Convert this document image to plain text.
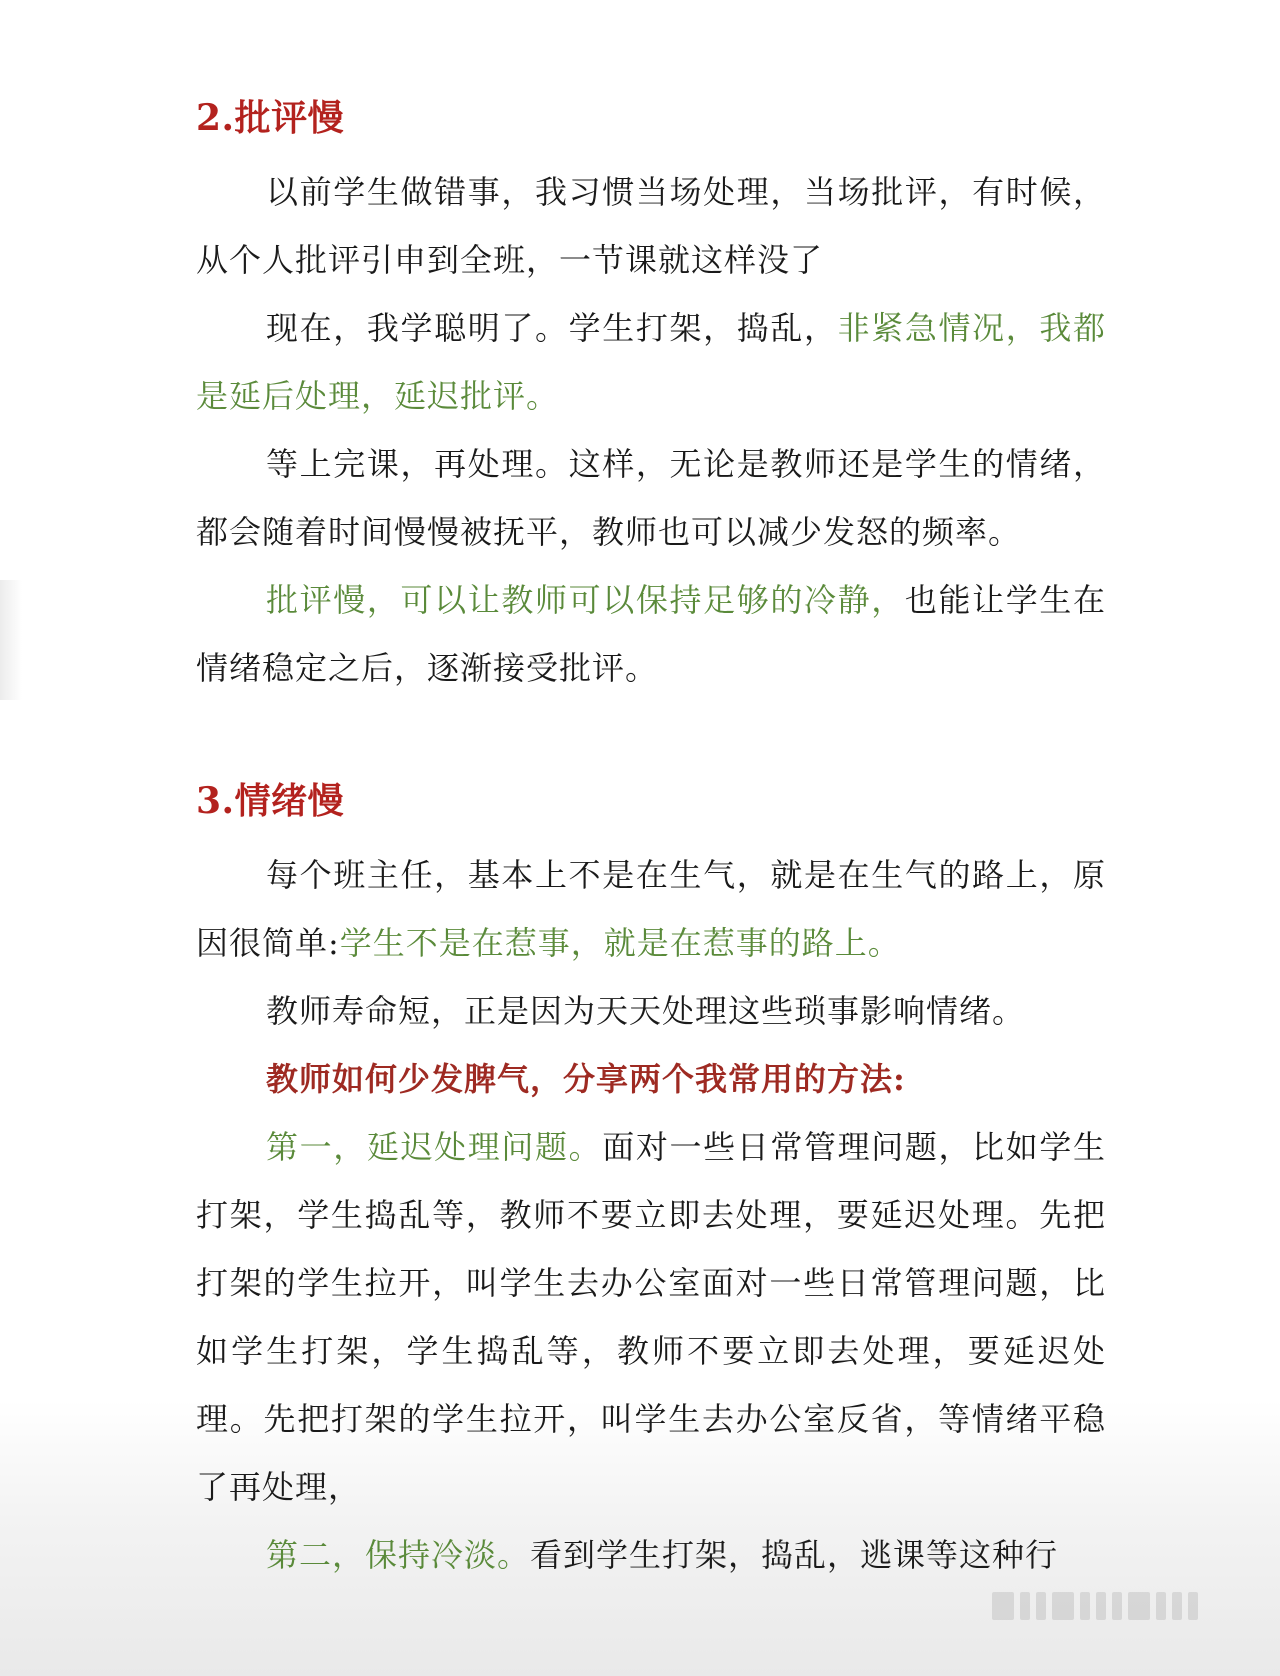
2.批评慢

以前学生做错事，我习惯当场处理，当场批评，有时候，从个人批评引申到全班，一节课就这样没了

现在，我学聪明了。学生打架，捣乱，非紧急情况，我都是延后处理，延迟批评。

等上完课，再处理。这样，无论是教师还是学生的情绪，都会随着时间慢慢被抚平，教师也可以减少发怒的频率。

批评慢，可以让教师可以保持足够的冷静，也能让学生在情绪稳定之后，逐渐接受批评。

3.情绪慢

每个班主任，基本上不是在生气，就是在生气的路上，原因很简单:学生不是在惹事，就是在惹事的路上。

教师寿命短，正是因为天天处理这些琐事影响情绪。

教师如何少发脾气，分享两个我常用的方法:

第一，延迟处理问题。面对一些日常管理问题，比如学生打架，学生捣乱等，教师不要立即去处理，要延迟处理。先把打架的学生拉开，叫学生去办公室面对一些日常管理问题，比如学生打架，学生捣乱等，教师不要立即去处理，要延迟处理。先把打架的学生拉开，叫学生去办公室反省，等情绪平稳了再处理，

第二，保持冷淡。看到学生打架，捣乱，逃课等这种行
